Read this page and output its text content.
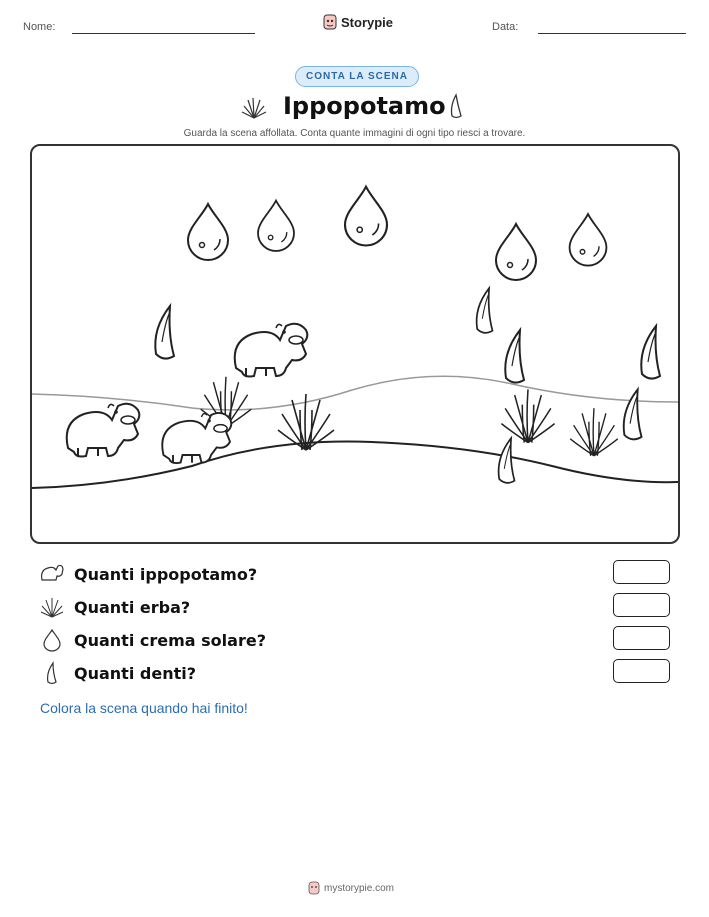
Nome:	Storypie	Data:
CONTA LA SCENA
Ippopotamo
Guarda la scena affollata. Conta quante immagini di ogni tipo riesci a trovare.
Quanti ippopotamo?
Quanti erba?
Quanti crema solare?
Quanti denti?
Colora la scena quando hai finito!
mystorypie.com
